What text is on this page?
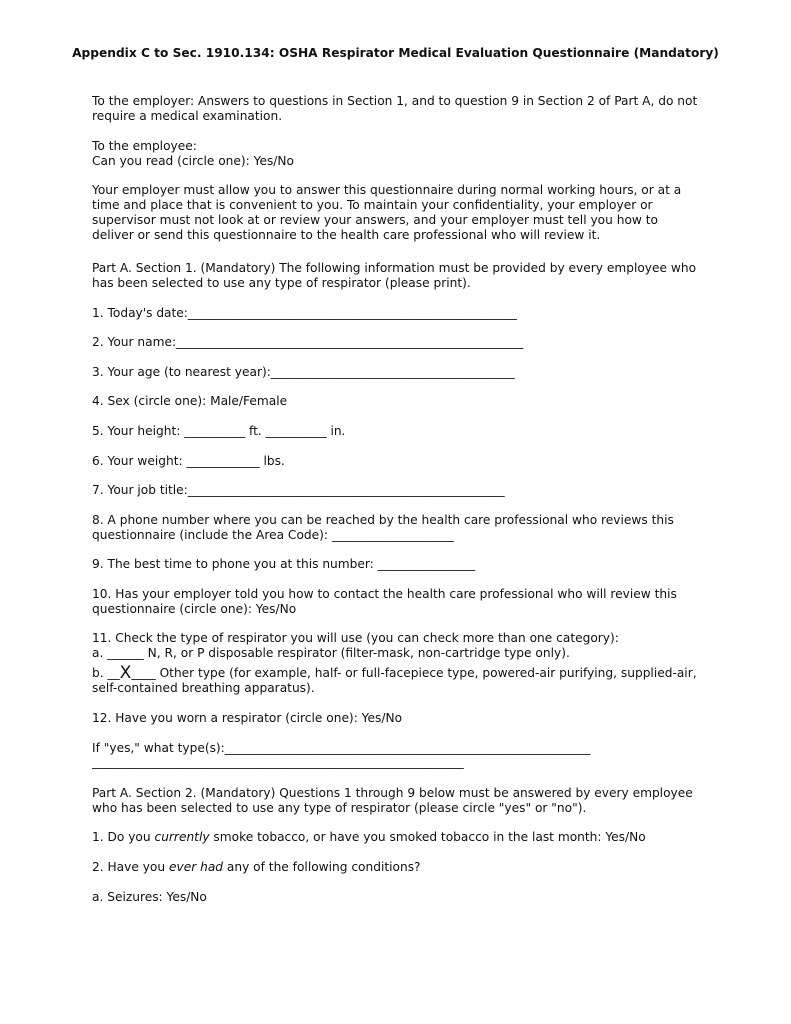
Appendix C to Sec. 1910.134: OSHA Respirator Medical Evaluation Questionnaire (Mandatory)

To the employer: Answers to questions in Section 1, and to question 9 in Section 2 of Part A, do not require a medical examination.

To the employee:

Can you read (circle one): Yes/No

Your employer must allow you to answer this questionnaire during normal working hours, or at a time and place that is convenient to you. To maintain your confidentiality, your employer or supervisor must not look at or review your answers, and your employer must tell you how to deliver or send this questionnaire to the health care professional who will review it.

Part A. Section 1. (Mandatory) The following information must be provided by every employee who has been selected to use any type of respirator (please print).

1. Today's date:______________________________________________________

2. Your name:_________________________________________________________

3. Your age (to nearest year):________________________________________

4. Sex (circle one): Male/Female

5. Your height: __________ ft. __________ in.

6. Your weight: ____________ lbs.

7. Your job title:____________________________________________________

8. A phone number where you can be reached by the health care professional who reviews this questionnaire (include the Area Code): ____________________

9. The best time to phone you at this number: ________________

10. Has your employer told you how to contact the health care professional who will review this questionnaire (circle one): Yes/No

11. Check the type of respirator you will use (you can check more than one category):

a. ______ N, R, or P disposable respirator (filter-mask, non-cartridge type only).

b. __X____ Other type (for example, half- or full-facepiece type, powered-air purifying, supplied-air, self-contained breathing apparatus).

12. Have you worn a respirator (circle one): Yes/No

If "yes," what type(s):____________________________________________________________

_____________________________________________________________

Part A. Section 2. (Mandatory) Questions 1 through 9 below must be answered by every employee who has been selected to use any type of respirator (please circle "yes" or "no").

1. Do you currently smoke tobacco, or have you smoked tobacco in the last month: Yes/No

2. Have you ever had any of the following conditions?

a. Seizures: Yes/No
